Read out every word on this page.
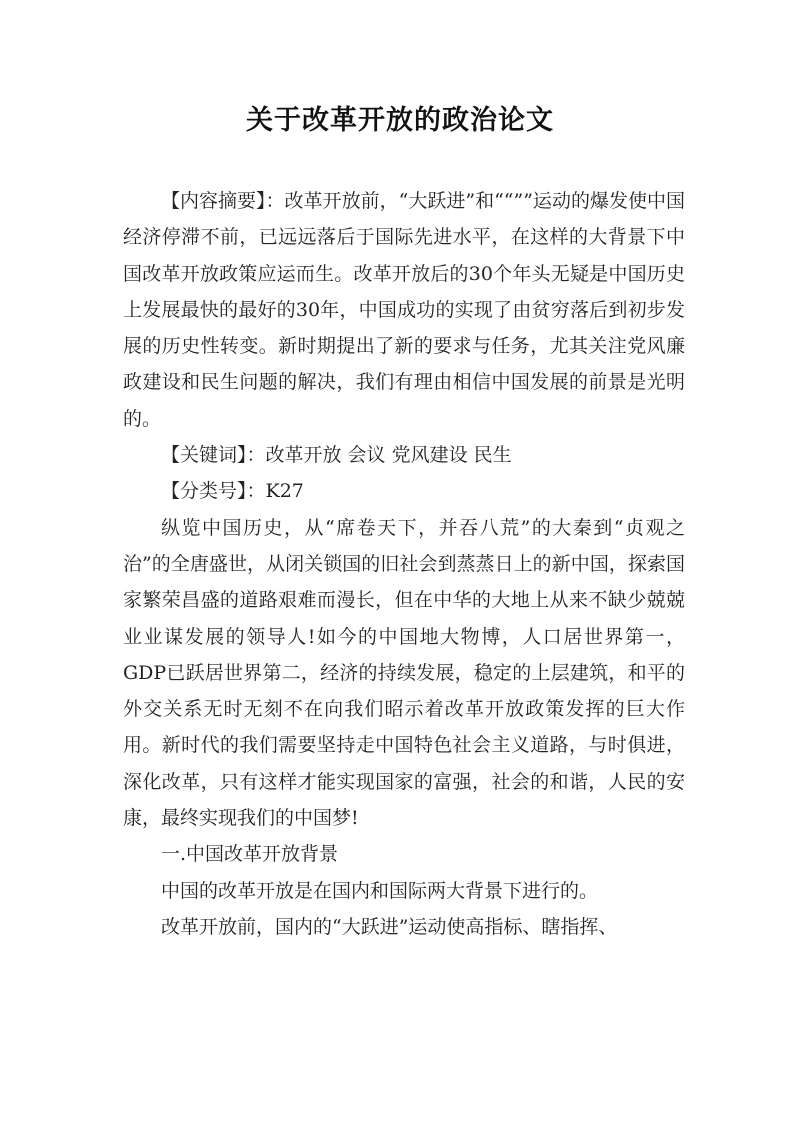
关于改革开放的政治论文

【内容摘要】：改革开放前，“大跃进”和““””运动的爆发使中国经济停滞不前，已远远落后于国际先进水平，在这样的大背景下中国改革开放政策应运而生。改革开放后的30个年头无疑是中国历史上发展最快的最好的30年，中国成功的实现了由贫穷落后到初步发展的历史性转变。新时期提出了新的要求与任务，尤其关注党风廉政建设和民生问题的解决，我们有理由相信中国发展的前景是光明的。

【关键词】：改革开放 会议 党风建设 民生

【分类号】：K27

纵览中国历史，从“席卷天下，并吞八荒”的大秦到“贞观之治”的全唐盛世，从闭关锁国的旧社会到蒸蒸日上的新中国，探索国家繁荣昌盛的道路艰难而漫长，但在中华的大地上从来不缺少兢兢业业谋发展的领导人!如今的中国地大物博，人口居世界第一，GDP已跃居世界第二，经济的持续发展，稳定的上层建筑，和平的外交关系无时无刻不在向我们昭示着改革开放政策发挥的巨大作用。新时代的我们需要坚持走中国特色社会主义道路，与时俱进，深化改革，只有这样才能实现国家的富强，社会的和谐，人民的安康，最终实现我们的中国梦!

一.中国改革开放背景

中国的改革开放是在国内和国际两大背景下进行的。

改革开放前，国内的“大跃进”运动使高指标、瞎指挥、
